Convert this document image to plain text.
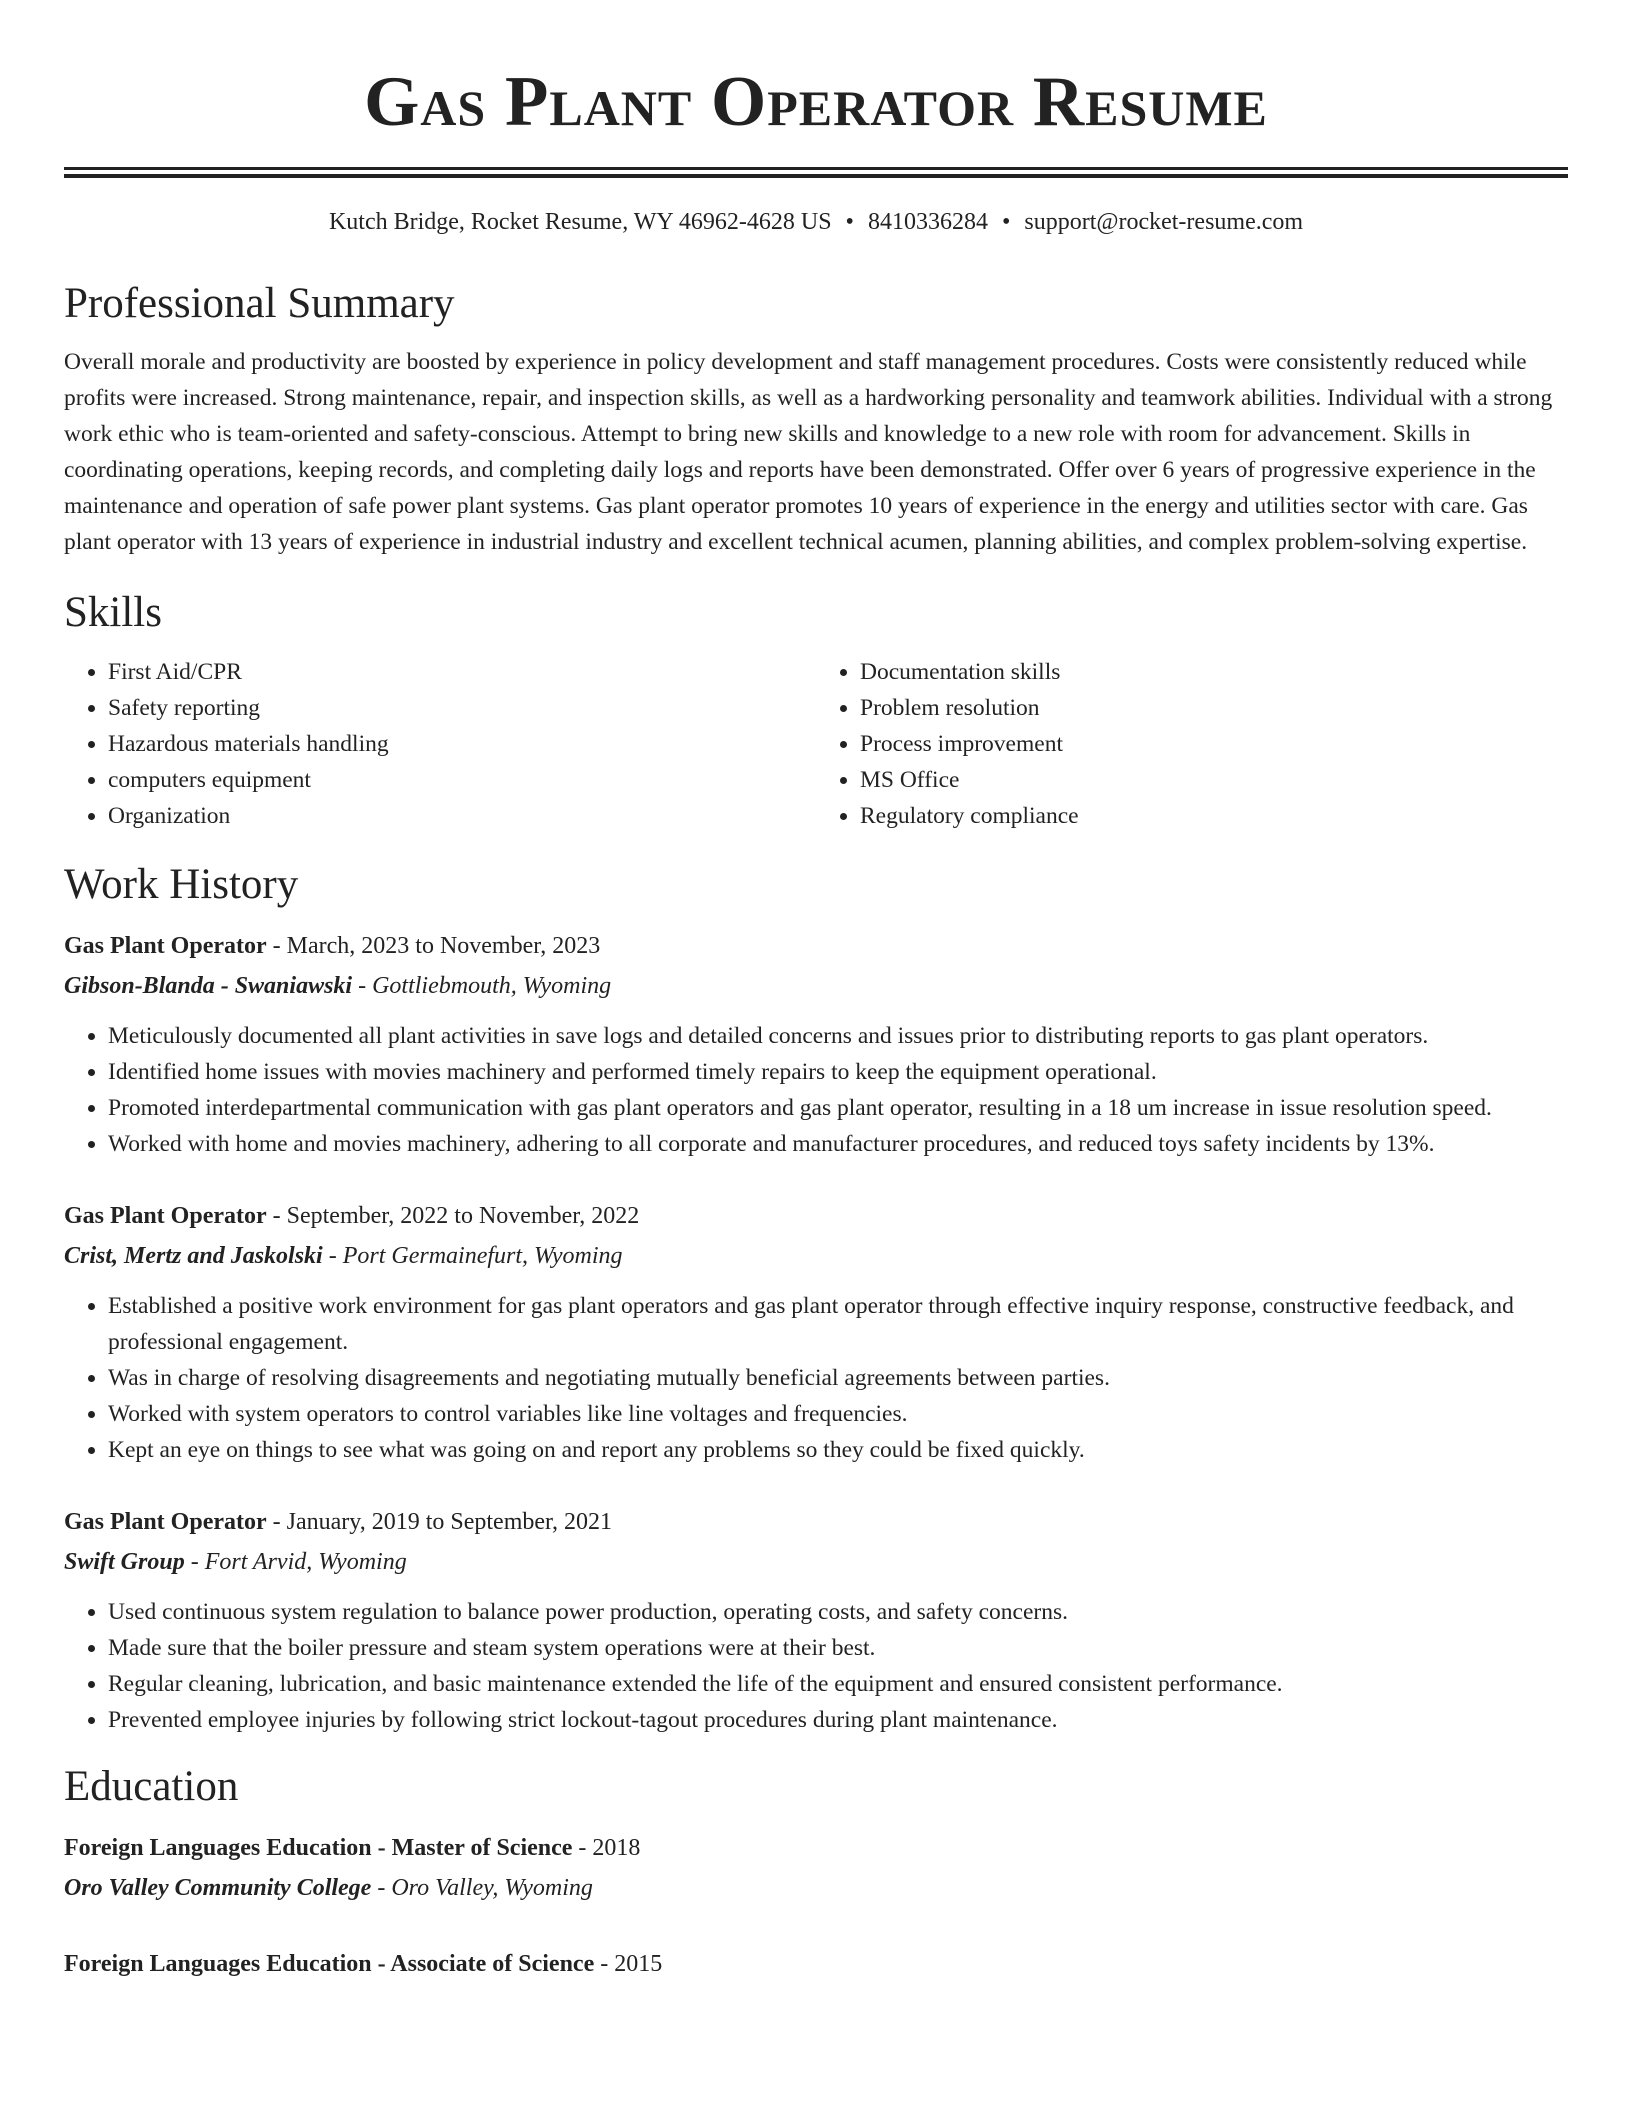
Gas Plant Operator Resume
Kutch Bridge, Rocket Resume, WY 46962-4628 US • 8410336284 • support@rocket-resume.com
Professional Summary

Overall morale and productivity are boosted by experience in policy development and staff management procedures. Costs were consistently reduced while profits were increased. Strong maintenance, repair, and inspection skills, as well as a hardworking personality and teamwork abilities. Individual with a strong work ethic who is team-oriented and safety-conscious. Attempt to bring new skills and knowledge to a new role with room for advancement. Skills in coordinating operations, keeping records, and completing daily logs and reports have been demonstrated. Offer over 6 years of progressive experience in the maintenance and operation of safe power plant systems. Gas plant operator promotes 10 years of experience in the energy and utilities sector with care. Gas plant operator with 13 years of experience in industrial industry and excellent technical acumen, planning abilities, and complex problem-solving expertise.

Skills
• First Aid/CPR
• Safety reporting
• Hazardous materials handling
• computers equipment
• Organization
• Documentation skills
• Problem resolution
• Process improvement
• MS Office
• Regulatory compliance
Work History
Gas Plant Operator - March, 2023 to November, 2023
Gibson-Blanda - Swaniawski - Gottliebmouth, Wyoming
• Meticulously documented all plant activities in save logs and detailed concerns and issues prior to distributing reports to gas plant operators.
• Identified home issues with movies machinery and performed timely repairs to keep the equipment operational.
• Promoted interdepartmental communication with gas plant operators and gas plant operator, resulting in a 18 um increase in issue resolution speed.
• Worked with home and movies machinery, adhering to all corporate and manufacturer procedures, and reduced toys safety incidents by 13%.
Gas Plant Operator - September, 2022 to November, 2022
Crist, Mertz and Jaskolski - Port Germainefurt, Wyoming
• Established a positive work environment for gas plant operators and gas plant operator through effective inquiry response, constructive feedback, and professional engagement.
• Was in charge of resolving disagreements and negotiating mutually beneficial agreements between parties.
• Worked with system operators to control variables like line voltages and frequencies.
• Kept an eye on things to see what was going on and report any problems so they could be fixed quickly.
Gas Plant Operator - January, 2019 to September, 2021
Swift Group - Fort Arvid, Wyoming
• Used continuous system regulation to balance power production, operating costs, and safety concerns.
• Made sure that the boiler pressure and steam system operations were at their best.
• Regular cleaning, lubrication, and basic maintenance extended the life of the equipment and ensured consistent performance.
• Prevented employee injuries by following strict lockout-tagout procedures during plant maintenance.
Education
Foreign Languages Education - Master of Science - 2018
Oro Valley Community College - Oro Valley, Wyoming
Foreign Languages Education - Associate of Science - 2015
